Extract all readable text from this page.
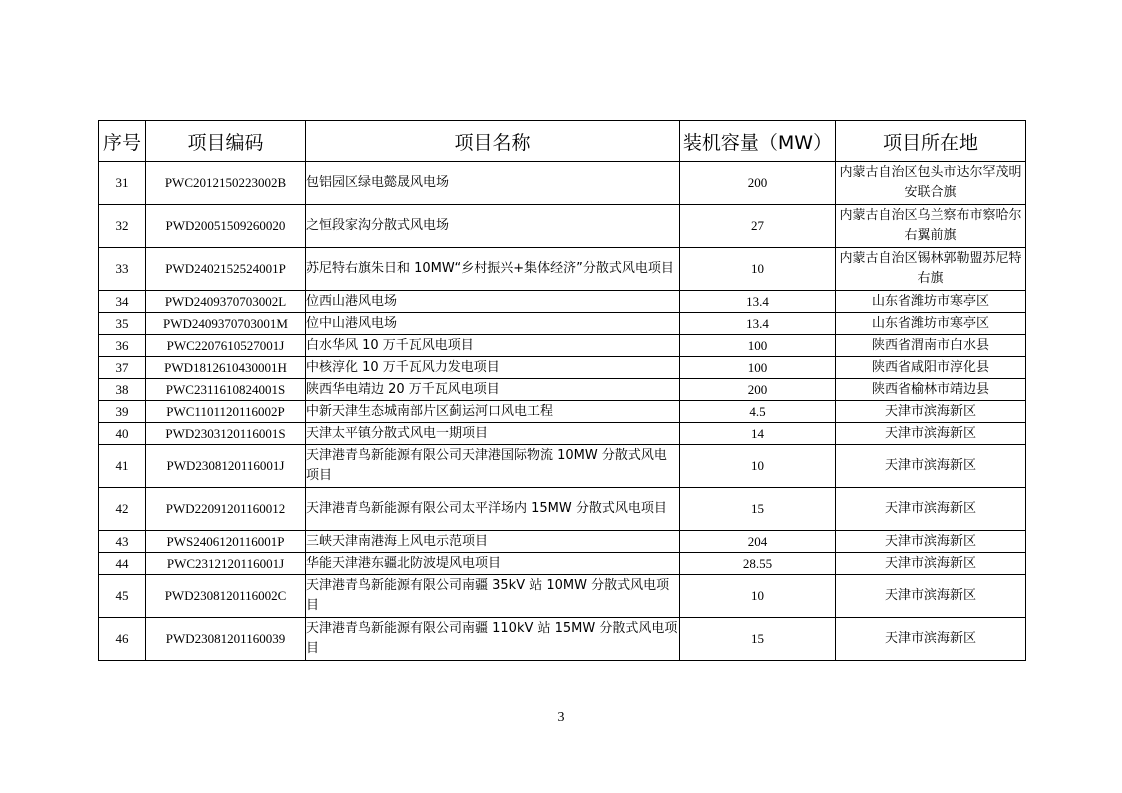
序号	项目编码	项目名称	装机容量（MW）	项目所在地
31	PWC2012150223002B	包铝园区绿电懿晟风电场	200	内蒙古自治区包头市达尔罕茂明安联合旗
32	PWD20051509260020	之恒段家沟分散式风电场	27	内蒙古自治区乌兰察布市察哈尔右翼前旗
33	PWD2402152524001P	苏尼特右旗朱日和 10MW“乡村振兴+集体经济”分散式风电项目	10	内蒙古自治区锡林郭勒盟苏尼特右旗
34	PWD2409370703002L	位西山港风电场	13.4	山东省潍坊市寒亭区
35	PWD2409370703001M	位中山港风电场	13.4	山东省潍坊市寒亭区
36	PWC2207610527001J	白水华风 10 万千瓦风电项目	100	陕西省渭南市白水县
37	PWD1812610430001H	中核淳化 10 万千瓦风力发电项目	100	陕西省咸阳市淳化县
38	PWC2311610824001S	陕西华电靖边 20 万千瓦风电项目	200	陕西省榆林市靖边县
39	PWC1101120116002P	中新天津生态城南部片区蓟运河口风电工程	4.5	天津市滨海新区
40	PWD2303120116001S	天津太平镇分散式风电一期项目	14	天津市滨海新区
41	PWD2308120116001J	天津港青鸟新能源有限公司天津港国际物流 10MW 分散式风电项目	10	天津市滨海新区
42	PWD22091201160012	天津港青鸟新能源有限公司太平洋场内 15MW 分散式风电项目	15	天津市滨海新区
43	PWS2406120116001P	三峡天津南港海上风电示范项目	204	天津市滨海新区
44	PWC2312120116001J	华能天津港东疆北防波堤风电项目	28.55	天津市滨海新区
45	PWD2308120116002C	天津港青鸟新能源有限公司南疆 35kV 站 10MW 分散式风电项目	10	天津市滨海新区
46	PWD23081201160039	天津港青鸟新能源有限公司南疆 110kV 站 15MW 分散式风电项目	15	天津市滨海新区
3
